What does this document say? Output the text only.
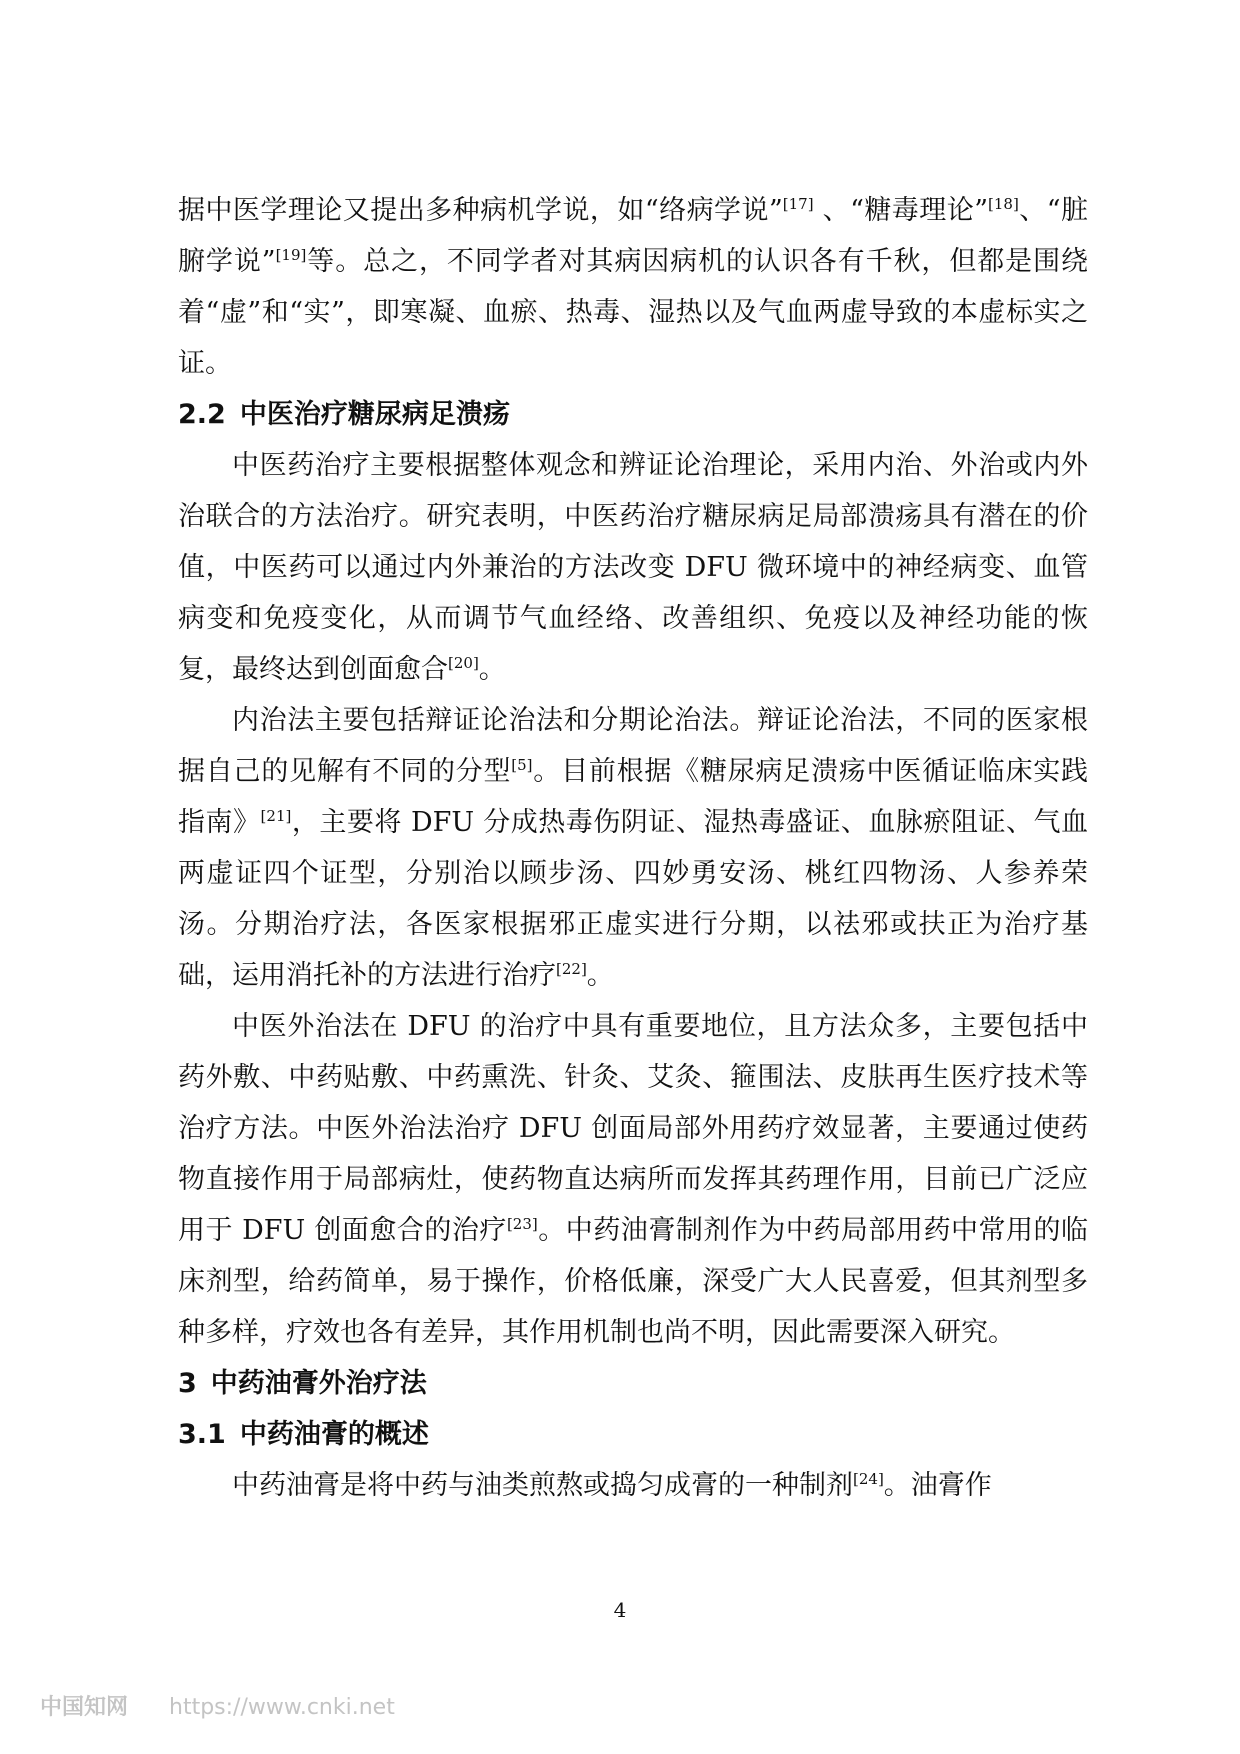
据中医学理论又提出多种病机学说，如“络病学说”[17] 、“糖毒理论”[18]、“脏腑学说”[19]等。总之，不同学者对其病因病机的认识各有千秋，但都是围绕着“虚”和“实”，即寒凝、血瘀、热毒、湿热以及气血两虚导致的本虚标实之证。

2.2 中医治疗糖尿病足溃疡

中医药治疗主要根据整体观念和辨证论治理论，采用内治、外治或内外治联合的方法治疗。研究表明，中医药治疗糖尿病足局部溃疡具有潜在的价值，中医药可以通过内外兼治的方法改变 DFU 微环境中的神经病变、血管病变和免疫变化，从而调节气血经络、改善组织、免疫以及神经功能的恢复，最终达到创面愈合[20]。

内治法主要包括辩证论治法和分期论治法。辩证论治法，不同的医家根据自己的见解有不同的分型[5]。目前根据《糖尿病足溃疡中医循证临床实践指南》[21]，主要将 DFU 分成热毒伤阴证、湿热毒盛证、血脉瘀阻证、气血两虚证四个证型，分别治以顾步汤、四妙勇安汤、桃红四物汤、人参养荣汤。分期治疗法，各医家根据邪正虚实进行分期，以祛邪或扶正为治疗基础，运用消托补的方法进行治疗[22]。

中医外治法在 DFU 的治疗中具有重要地位，且方法众多，主要包括中药外敷、中药贴敷、中药熏洗、针灸、艾灸、箍围法、皮肤再生医疗技术等治疗方法。中医外治法治疗 DFU 创面局部外用药疗效显著，主要通过使药物直接作用于局部病灶，使药物直达病所而发挥其药理作用，目前已广泛应用于 DFU 创面愈合的治疗[23]。中药油膏制剂作为中药局部用药中常用的临床剂型，给药简单，易于操作，价格低廉，深受广大人民喜爱，但其剂型多种多样，疗效也各有差异，其作用机制也尚不明，因此需要深入研究。

3 中药油膏外治疗法

3.1 中药油膏的概述

中药油膏是将中药与油类煎熬或捣匀成膏的一种制剂[24]。油膏作

4
中国知网 https://www.cnki.net
